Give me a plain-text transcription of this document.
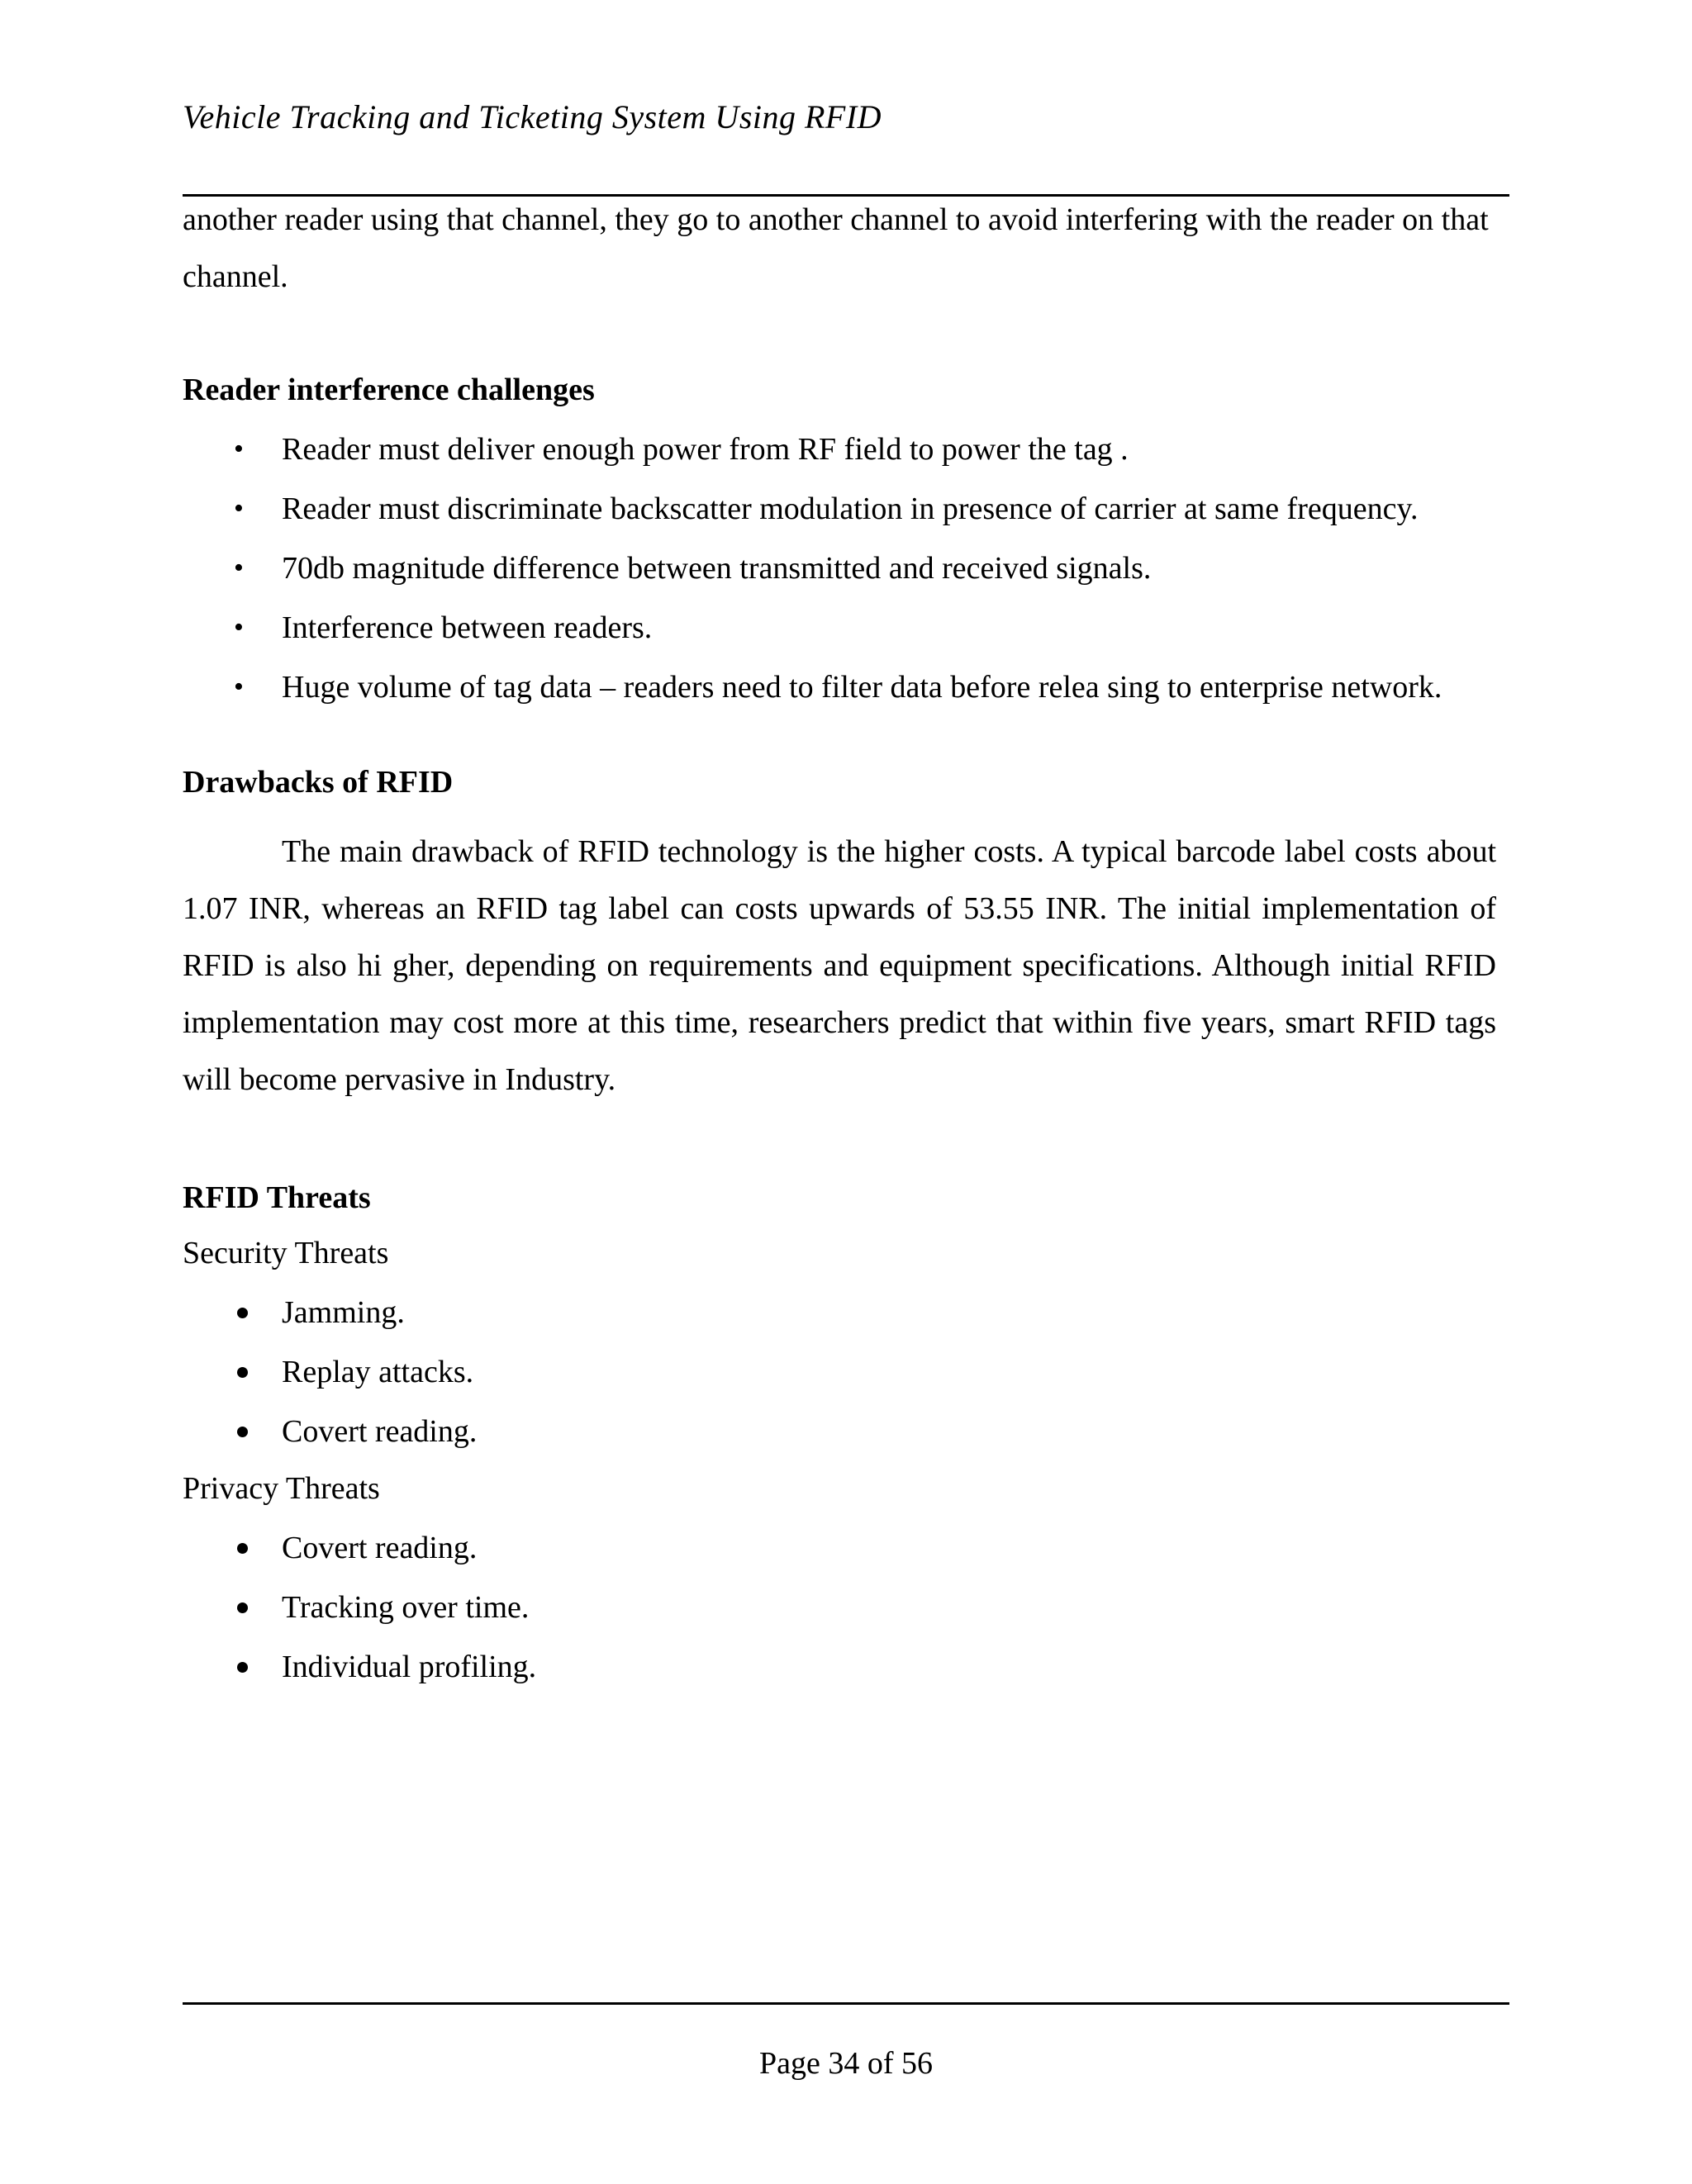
Vehicle Tracking and Ticketing System Using RFID
another reader using that channel, they go to another channel to avoid interfering with the reader on that channel.
Reader interference challenges
•	Reader must deliver enough power from RF field to power the tag .
•	Reader must discriminate backscatter modulation in presence of carrier at same frequency.
•	70db magnitude difference between transmitted and received signals.
•	Interference between readers.
•	Huge volume of tag data – readers need to filter data before relea sing to enterprise network.
Drawbacks of RFID
The main drawback of RFID technology is the higher costs. A typical barcode label costs about 1.07 INR, whereas an RFID tag label can costs upwards of 53.55 INR. The initial implementation of RFID is also hi gher, depending on requirements and equipment specifications. Although initial RFID implementation may cost more at this time, researchers predict that within five years, smart RFID tags will become pervasive in Industry.
RFID Threats
Security Threats
Jamming.
Replay attacks.
Covert reading.
Privacy Threats
Covert reading.
Tracking over time.
Individual profiling.
Page 34 of 56
